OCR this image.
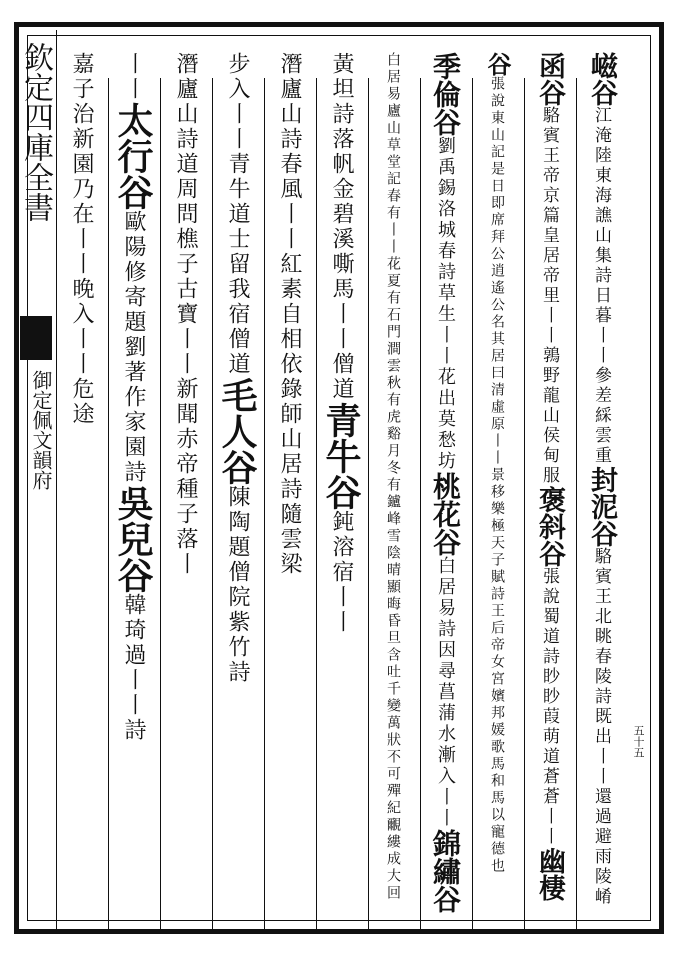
欽定四庫全書
御定佩文韻府
五十五
嵫谷江淹陸東海譙山集詩日暮丨丨參差綵雲重封泥谷駱賓王北眺春陵詩既出丨丨還過避雨陵崤
函谷駱賓王帝京篇皇居帝里丨丨鶉野龍山侯甸服褒斜谷張說蜀道詩眇眇葭萌道蒼蒼丨丨幽棲
谷張說東山記是日即席拜公逍遙公名其居曰清虛原丨丨景移樂極天子賦詩王后帝女宮嬪邦媛歌馬和馬以寵德也
季倫谷劉禹錫洛城春詩草生丨丨花出莫愁坊桃花谷白居易詩因尋菖蒲水漸入丨丨錦繡谷
白居易廬山草堂記春有丨丨花夏有石門澗雲秋有虎谿月冬有鑪峰雪陰晴顯晦昏旦含吐千變萬狀不可殫紀覼縷成大回
黃坦詩落帆金碧溪嘶馬丨丨僧道青牛谷鈍溶宿丨丨
潛廬山詩春風丨丨紅素自相依錄師山居詩隨雲梁
步入丨丨青牛道士留我宿僧道毛人谷陳陶題僧院紫竹詩
潛廬山詩道周問樵子古寶丨丨新聞赤帝種子落丨
丨丨太行谷歐陽修寄題劉著作家園詩吳兒谷韓琦過丨丨詩
嘉子治新園乃在丨丨晚入丨丨危途
